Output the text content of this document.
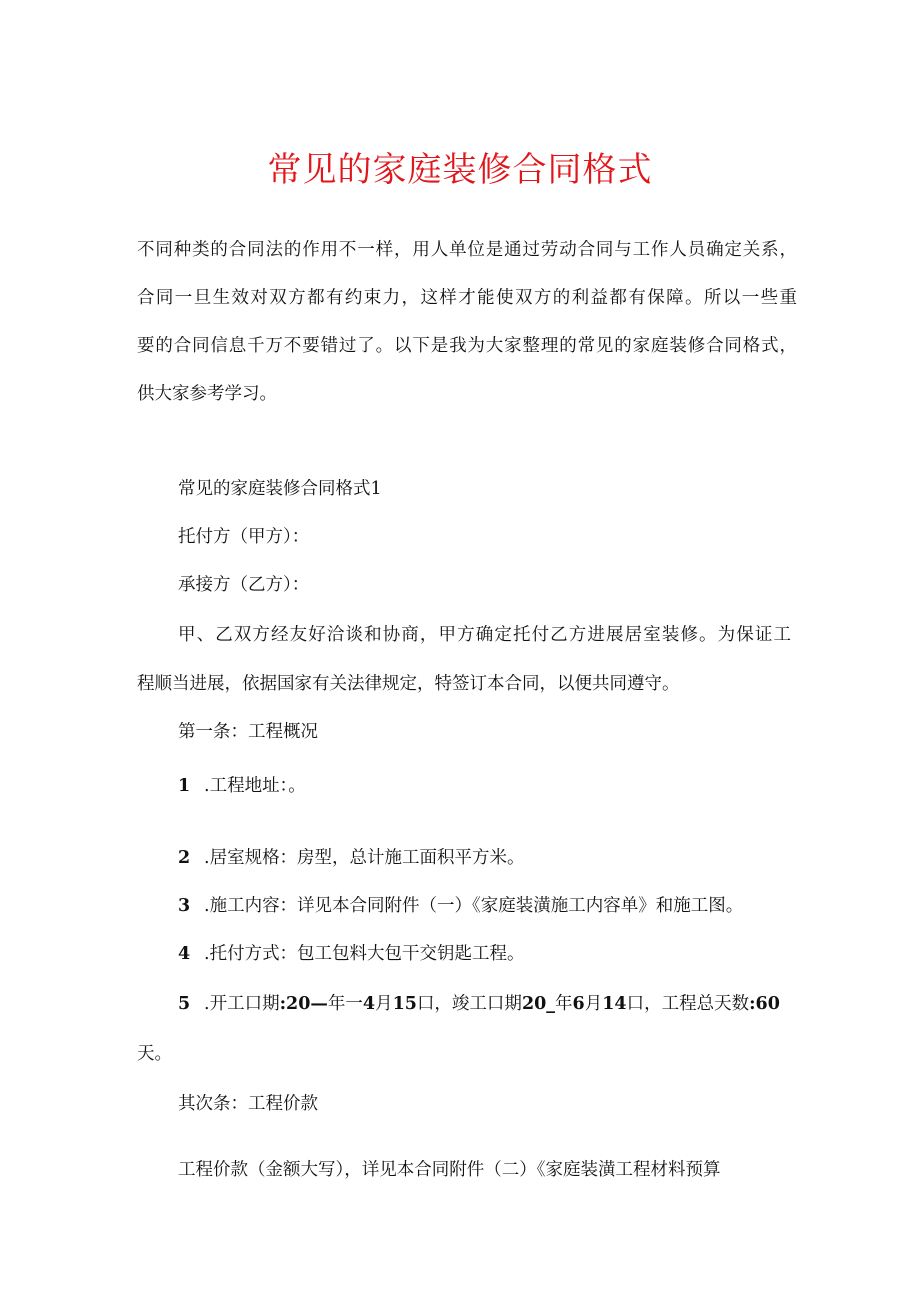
常见的家庭装修合同格式
不同种类的合同法的作用不一样，用人单位是通过劳动合同与工作人员确定关系，
合同一旦生效对双方都有约束力，这样才能使双方的利益都有保障。所以一些重
要的合同信息千万不要错过了。以下是我为大家整理的常见的家庭装修合同格式，
供大家参考学习。
常见的家庭装修合同格式1
托付方（甲方）：
承接方（乙方）：
甲、乙双方经友好洽谈和协商，甲方确定托付乙方进展居室装修。为保证工
程顺当进展，依据国家有关法律规定，特签订本合同，以便共同遵守。
第一条：工程概况
1 .工程地址：。
2 .居室规格：房型，总计施工面积平方米。
3 .施工内容：详见本合同附件（一）《家庭装潢施工内容单》和施工图。
4 .托付方式：包工包料大包干交钥匙工程。
5 .开工口期:20—年一4月15口，竣工口期20_年6月14口，工程总天数:60
天。
其次条：工程价款
工程价款（金额大写），详见本合同附件（二）《家庭装潢工程材料预算
